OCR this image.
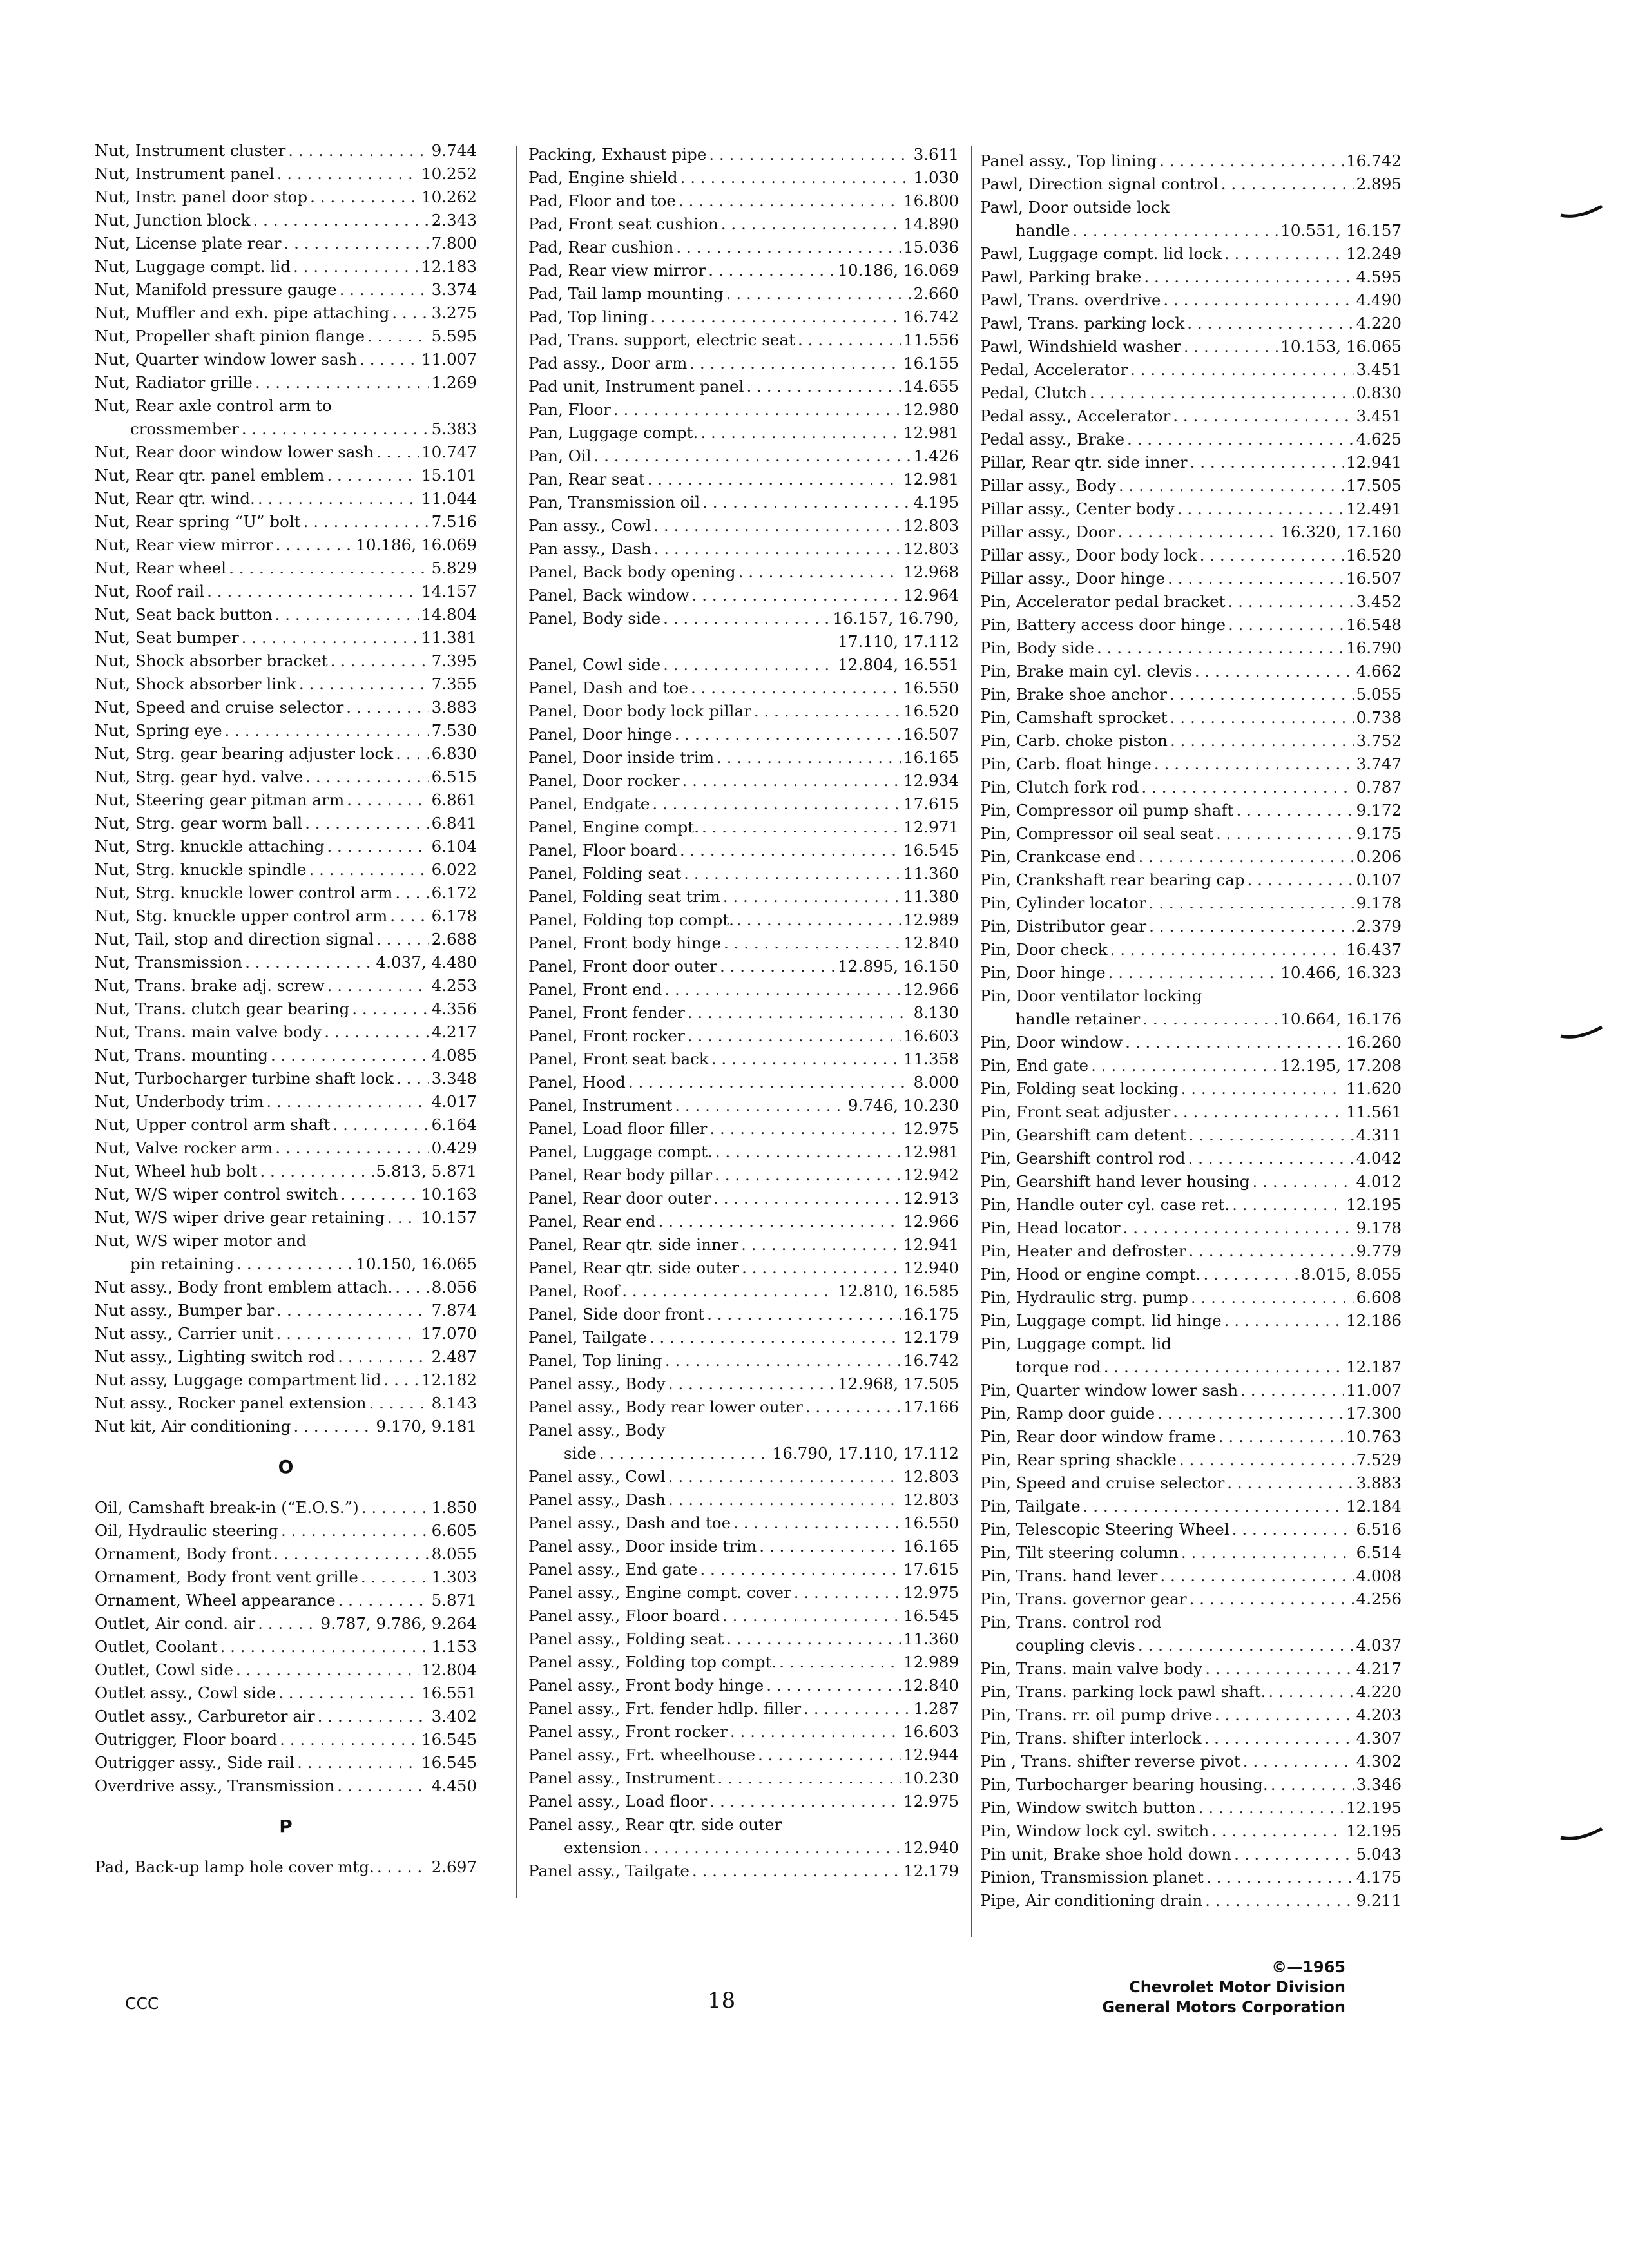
Nut, Instrument cluster . . .	9.744
Nut, Instrument panel . . .	10.252
Nut, Instr. panel door stop . . .	10.262
Nut, Junction block . . .	2.343
Nut, License plate rear . . .	7.800
Nut, Luggage compt. lid . . .	12.183
Nut, Manifold pressure gauge . . .	3.374
Nut, Muffler and exh. pipe attaching . . .	3.275
Nut, Propeller shaft pinion flange . . .	5.595
Nut, Quarter window lower sash . . .	11.007
Nut, Radiator grille . . .	1.269
Nut, Rear axle control arm to
crossmember . . .	5.383
Nut, Rear door window lower sash . . .	10.747
Nut, Rear qtr. panel emblem . . .	15.101
Nut, Rear qtr. wind. . . .	11.044
Nut, Rear spring “U” bolt . . .	7.516
Nut, Rear view mirror . . .	10.186, 16.069
Nut, Rear wheel . . .	5.829
Nut, Roof rail . . .	14.157
Nut, Seat back button . . .	14.804
Nut, Seat bumper . . .	11.381
Nut, Shock absorber bracket . . .	7.395
Nut, Shock absorber link . . .	7.355
Nut, Speed and cruise selector . . .	3.883
Nut, Spring eye . . .	7.530
Nut, Strg. gear bearing adjuster lock . . . 6.830
Nut, Strg. gear hyd. valve . . .	6.515
Nut, Steering gear pitman arm . . .	6.861
Nut, Strg. gear worm ball . . .	6.841
Nut, Strg. knuckle attaching . . .	6.104
Nut, Strg. knuckle spindle . . .	6.022
Nut, Strg. knuckle lower control arm . . . 6.172
Nut, Stg. knuckle upper control arm . . .	6.178
Nut, Tail, stop and direction signal . . .	2.688
Nut, Transmission . . .	4.037, 4.480
Nut, Trans. brake adj. screw . . .	4.253
Nut, Trans. clutch gear bearing . . .	4.356
Nut, Trans. main valve body . . .	4.217
Nut, Trans. mounting . . .	4.085
Nut, Turbocharger turbine shaft lock . . . 3.348
Nut, Underbody trim . . .	4.017
Nut, Upper control arm shaft . . .	6.164
Nut, Valve rocker arm . . .	0.429
Nut, Wheel hub bolt . . .	5.813, 5.871
Nut, W/S wiper control switch . . .	10.163
Nut, W/S wiper drive gear retaining . . . 10.157
Nut, W/S wiper motor and
pin retaining . . .	10.150, 16.065
Nut assy., Body front emblem attach. . . . 8.056
Nut assy., Bumper bar . . .	7.874
Nut assy., Carrier unit . . .	17.070
Nut assy., Lighting switch rod . . .	2.487
Nut assy, Luggage compartment lid . . .	12.182
Nut assy., Rocker panel extension . . .	8.143
Nut kit, Air conditioning . . .	9.170, 9.181
O
Oil, Camshaft break-in (“E.O.S.”) . . .	1.850
Oil, Hydraulic steering . . .	6.605
Ornament, Body front . . .	8.055
Ornament, Body front vent grille . . .	1.303
Ornament, Wheel appearance . . .	5.871
Outlet, Air cond. air . . .	9.787, 9.786, 9.264
Outlet, Coolant . . .	1.153
Outlet, Cowl side . . .	12.804
Outlet assy., Cowl side . . .	16.551
Outlet assy., Carburetor air . . .	3.402
Outrigger, Floor board . . .	16.545
Outrigger assy., Side rail . . .	16.545
Overdrive assy., Transmission . . .	4.450
P
Pad, Back-up lamp hole cover mtg. . . .	2.697
Packing, Exhaust pipe . . .	3.611
Pad, Engine shield . . .	1.030
Pad, Floor and toe . . .	16.800
Pad, Front seat cushion . . .	14.890
Pad, Rear cushion . . .	15.036
Pad, Rear view mirror . . .	10.186, 16.069
Pad, Tail lamp mounting . . .	2.660
Pad, Top lining . . .	16.742
Pad, Trans. support, electric seat . . .	11.556
Pad assy., Door arm . . .	16.155
Pad unit, Instrument panel . . .	14.655
Pan, Floor . . .	12.980
Pan, Luggage compt. . . .	12.981
Pan, Oil . . .	1.426
Pan, Rear seat . . .	12.981
Pan, Transmission oil . . .	4.195
Pan assy., Cowl . . .	12.803
Pan assy., Dash . . .	12.803
Panel, Back body opening . . .	12.968
Panel, Back window . . .	12.964
Panel, Body side . . .	16.157, 16.790,
17.110, 17.112
Panel, Cowl side . . .	12.804, 16.551
Panel, Dash and toe . . .	16.550
Panel, Door body lock pillar . . .	16.520
Panel, Door hinge . . .	16.507
Panel, Door inside trim . . .	16.165
Panel, Door rocker . . .	12.934
Panel, Endgate . . .	17.615
Panel, Engine compt. . . .	12.971
Panel, Floor board . . .	16.545
Panel, Folding seat . . .	11.360
Panel, Folding seat trim . . .	11.380
Panel, Folding top compt. . . .	12.989
Panel, Front body hinge . . .	12.840
Panel, Front door outer . . .	12.895, 16.150
Panel, Front end . . .	12.966
Panel, Front fender . . .	8.130
Panel, Front rocker . . .	16.603
Panel, Front seat back . . .	11.358
Panel, Hood . . .	8.000
Panel, Instrument . . .	9.746, 10.230
Panel, Load floor filler . . .	12.975
Panel, Luggage compt. . . .	12.981
Panel, Rear body pillar . . .	12.942
Panel, Rear door outer . . .	12.913
Panel, Rear end . . .	12.966
Panel, Rear qtr. side inner . . .	12.941
Panel, Rear qtr. side outer . . .	12.940
Panel, Roof . . .	12.810, 16.585
Panel, Side door front . . .	16.175
Panel, Tailgate . . .	12.179
Panel, Top lining . . .	16.742
Panel assy., Body . . .	12.968, 17.505
Panel assy., Body rear lower outer . . .	17.166
Panel assy., Body
side . . .	16.790, 17.110, 17.112
Panel assy., Cowl . . .	12.803
Panel assy., Dash . . .	12.803
Panel assy., Dash and toe . . .	16.550
Panel assy., Door inside trim . . .	16.165
Panel assy., End gate . . .	17.615
Panel assy., Engine compt. cover . . .	12.975
Panel assy., Floor board . . .	16.545
Panel assy., Folding seat . . .	11.360
Panel assy., Folding top compt. . . .	12.989
Panel assy., Front body hinge . . .	12.840
Panel assy., Frt. fender hdlp. filler . . .	1.287
Panel assy., Front rocker . . .	16.603
Panel assy., Frt. wheelhouse . . .	12.944
Panel assy., Instrument . . .	10.230
Panel assy., Load floor . . .	12.975
Panel assy., Rear qtr. side outer
extension . . .	12.940
Panel assy., Tailgate . . .	12.179
Panel assy., Top lining . . .	16.742
Pawl, Direction signal control . . .	2.895
Pawl, Door outside lock
handle . . .	10.551, 16.157
Pawl, Luggage compt. lid lock . . .	12.249
Pawl, Parking brake . . .	4.595
Pawl, Trans. overdrive . . .	4.490
Pawl, Trans. parking lock . . .	4.220
Pawl, Windshield washer . . .	10.153, 16.065
Pedal, Accelerator . . .	3.451
Pedal, Clutch . . .	0.830
Pedal assy., Accelerator . . .	3.451
Pedal assy., Brake . . .	4.625
Pillar, Rear qtr. side inner . . .	12.941
Pillar assy., Body . . .	17.505
Pillar assy., Center body . . .	12.491
Pillar assy., Door . . .	16.320, 17.160
Pillar assy., Door body lock . . .	16.520
Pillar assy., Door hinge . . .	16.507
Pin, Accelerator pedal bracket . . .	3.452
Pin, Battery access door hinge . . .	16.548
Pin, Body side . . .	16.790
Pin, Brake main cyl. clevis . . .	4.662
Pin, Brake shoe anchor . . .	5.055
Pin, Camshaft sprocket . . .	0.738
Pin, Carb. choke piston . . .	3.752
Pin, Carb. float hinge . . .	3.747
Pin, Clutch fork rod . . .	0.787
Pin, Compressor oil pump shaft . . .	9.172
Pin, Compressor oil seal seat . . .	9.175
Pin, Crankcase end . . .	0.206
Pin, Crankshaft rear bearing cap . . .	0.107
Pin, Cylinder locator . . .	9.178
Pin, Distributor gear . . .	2.379
Pin, Door check . . .	16.437
Pin, Door hinge . . .	10.466, 16.323
Pin, Door ventilator locking
handle retainer . . .	10.664, 16.176
Pin, Door window . . .	16.260
Pin, End gate . . .	12.195, 17.208
Pin, Folding seat locking . . .	11.620
Pin, Front seat adjuster . . .	11.561
Pin, Gearshift cam detent . . .	4.311
Pin, Gearshift control rod . . .	4.042
Pin, Gearshift hand lever housing . . .	4.012
Pin, Handle outer cyl. case ret. . . .	12.195
Pin, Head locator . . .	9.178
Pin, Heater and defroster . . .	9.779
Pin, Hood or engine compt. . . .	8.015, 8.055
Pin, Hydraulic strg. pump . . .	6.608
Pin, Luggage compt. lid hinge . . .	12.186
Pin, Luggage compt. lid
torque rod . . .	12.187
Pin, Quarter window lower sash . . .	11.007
Pin, Ramp door guide . . .	17.300
Pin, Rear door window frame . . .	10.763
Pin, Rear spring shackle . . .	7.529
Pin, Speed and cruise selector . . .	3.883
Pin, Tailgate . . .	12.184
Pin, Telescopic Steering Wheel . . .	6.516
Pin, Tilt steering column . . .	6.514
Pin, Trans. hand lever . . .	4.008
Pin, Trans. governor gear . . .	4.256
Pin, Trans. control rod
coupling clevis . . .	4.037
Pin, Trans. main valve body . . .	4.217
Pin, Trans. parking lock pawl shaft. . . .	4.220
Pin, Trans. rr. oil pump drive . . .	4.203
Pin, Trans. shifter interlock . . .	4.307
Pin , Trans. shifter reverse pivot . . .	4.302
Pin, Turbocharger bearing housing. . . .	3.346
Pin, Window switch button . . .	12.195
Pin, Window lock cyl. switch . . .	12.195
Pin unit, Brake shoe hold down . . .	5.043
Pinion, Transmission planet . . .	4.175
Pipe, Air conditioning drain . . .	9.211
CCC	18
©—1965
Chevrolet Motor Division
General Motors Corporation
